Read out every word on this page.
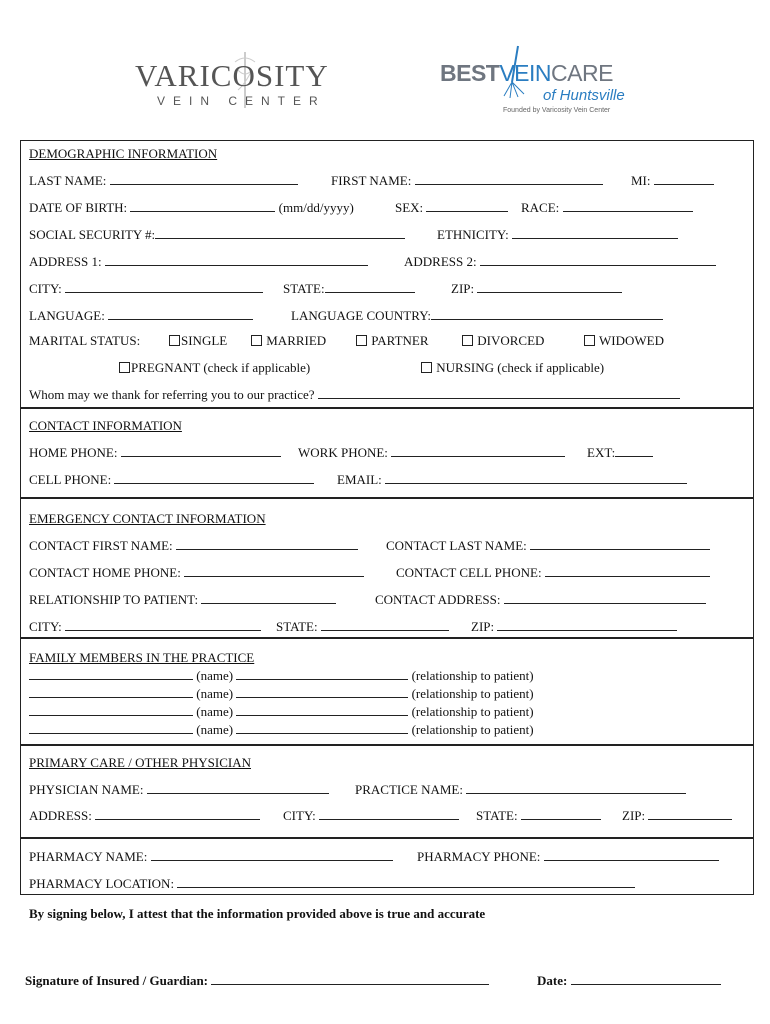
VARICOSITY
VEIN CENTER
BESTVEINCARE
of Huntsville
Founded by Varicosity Vein Center
DEMOGRAPHIC INFORMATION
LAST NAME:	FIRST NAME:	MI:
DATE OF BIRTH:	(mm/dd/yyyy)	SEX:	RACE:
SOCIAL SECURITY #:	ETHNICITY:
ADDRESS 1:	ADDRESS 2:
CITY:	STATE:	ZIP:
LANGUAGE:	LANGUAGE COUNTRY:
MARITAL STATUS:	SINGLE	MARRIED	PARTNER	DIVORCED	WIDOWED
PREGNANT (check if applicable)	NURSING (check if applicable)
Whom may we thank for referring you to our practice?
CONTACT INFORMATION
HOME PHONE:	WORK PHONE:	EXT:
CELL PHONE:	EMAIL:
EMERGENCY CONTACT INFORMATION
CONTACT FIRST NAME:	CONTACT LAST NAME:
CONTACT HOME PHONE:	CONTACT CELL PHONE:
RELATIONSHIP TO PATIENT:	CONTACT ADDRESS:
CITY:	STATE:	ZIP:
FAMILY MEMBERS IN THE PRACTICE
(name)	(relationship to patient)
(name)	(relationship to patient)
(name)	(relationship to patient)
(name)	(relationship to patient)
PRIMARY CARE / OTHER PHYSICIAN
PHYSICIAN NAME:	PRACTICE NAME:
ADDRESS:	CITY:	STATE:	ZIP:
PHARMACY NAME:	PHARMACY PHONE:
PHARMACY LOCATION:
By signing below, I attest that the information provided above is true and accurate
Signature of Insured / Guardian:	Date:
